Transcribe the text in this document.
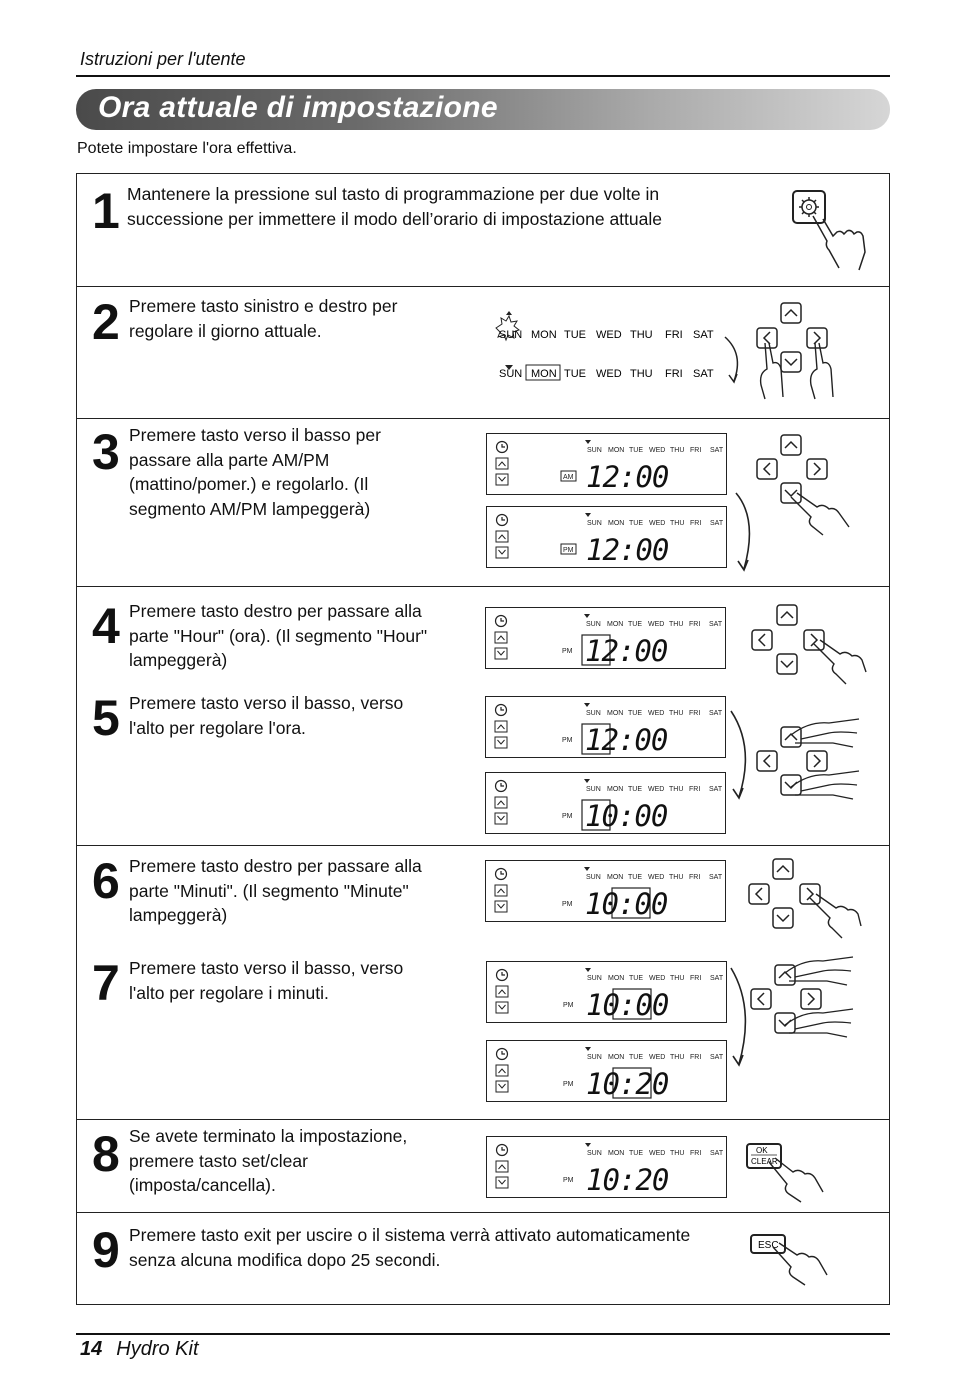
Istruzioni per l'utente
Ora attuale di impostazione
Potete impostare l'ora effettiva.
1 Mantenere la pressione sul tasto di programmazione per due volte in successione per immettere il modo dell’orario di impostazione attuale
2 Premere tasto sinistro e destro per regolare il giorno attuale.	SUN MON TUE WED THU FRI SAT
SUN MON TUE WED THU FRI SAT
3 Premere tasto verso il basso per passare alla parte AM/PM (mattino/pomer.) e regolarlo. (Il segmento AM/PM lampeggerà)
SUN MON TUE WED THU FRI SAT
AM 12:00
SUN MON TUE WED THU FRI SAT
PM 12:00
4 Premere tasto destro per passare alla parte "Hour" (ora). (Il segmento "Hour" lampeggerà)
5 Premere tasto verso il basso, verso l'alto per regolare l'ora.
SUN MON TUE WED THU FRI SAT
PM 12:00
SUN MON TUE WED THU FRI SAT
PM 12:00
SUN MON TUE WED THU FRI SAT
PM 10:00
6 Premere tasto destro per passare alla parte "Minuti". (Il segmento "Minute" lampeggerà)
7 Premere tasto verso il basso, verso l'alto per regolare i minuti.
SUN MON TUE WED THU FRI SAT
PM 10:00
SUN MON TUE WED THU FRI SAT
PM 10:00
SUN MON TUE WED THU FRI SAT
PM 10:20
8 Se avete terminato la impostazione, premere tasto set/clear (imposta/cancella).
SUN MON TUE WED THU FRI SAT
PM 10:20
OK
CLEAR
9 Premere tasto exit per uscire o il sistema verrà attivato automaticamente senza alcuna modifica dopo 25 secondi.
ESC
14 Hydro Kit
